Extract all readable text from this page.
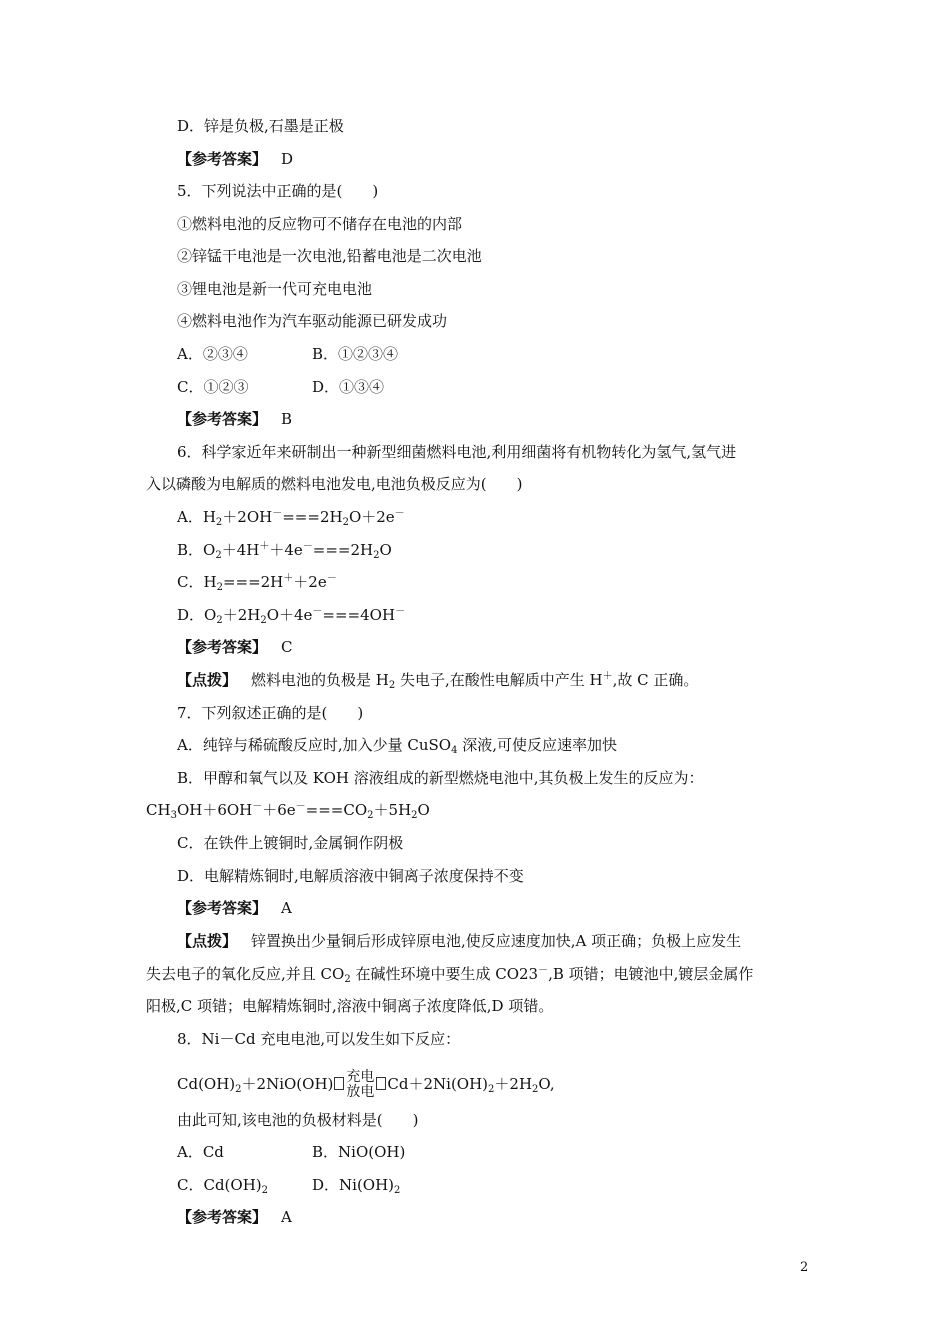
D．锌是负极,石墨是正极
【参考答案】 D
5．下列说法中正确的是(　　)
①燃料电池的反应物可不储存在电池的内部
②锌锰干电池是一次电池,铅蓄电池是二次电池
③锂电池是新一代可充电电池
④燃料电池作为汽车驱动能源已研发成功
A．②③④	B．①②③④
C．①②③	D．①③④
【参考答案】 B
6．科学家近年来研制出一种新型细菌燃料电池,利用细菌将有机物转化为氢气,氢气进
入以磷酸为电解质的燃料电池发电,电池负极反应为(　　)
A．$H_2+2OH^-===2H_2O+2e^-$
B．$O_2+4H^++4e^-===2H_2O$
C．$H_2===2H^++2e^-$
D．$O_2+2H_2O+4e^-===4OH^-$
【参考答案】 C
【点拨】 燃料电池的负极是 $H_2$ 失电子,在酸性电解质中产生 H＋,故 C 正确。
7．下列叙述正确的是(　　)
A．纯锌与稀硫酸反应时,加入少量 CuSO$_4$ 深液,可使反应速率加快
B．甲醇和氧气以及 KOH 溶液组成的新型燃烧电池中,其负极上发生的反应为：
$CH_3OH+6OH^-+6e^-===CO_2+5H_2O$
C．在铁件上镀铜时,金属铜作阴极
D．电解精炼铜时,电解质溶液中铜离子浓度保持不变
【参考答案】 A
【点拨】 锌置换出少量铜后形成锌原电池,使反应速度加快,A 项正确；负极上应发生
失去电子的氧化反应,并且 $CO_2$ 在碱性环境中要生成 CO23－,B 项错；电镀池中,镀层金属作
阳极,C 项错；电解精炼铜时,溶液中铜离子浓度降低,D 项错。
8．Ni－Cd 充电电池,可以发生如下反应：
$Cd(OH)_2+2NiO(OH)$ 充电
放电 $Cd+2Ni(OH)_2+2H_2O$,
由此可知,该电池的负极材料是(　　)
A．Cd	B．NiO(OH)
C．$Cd(OH)_2$	D．$Ni(OH)_2$
【参考答案】 A
2
